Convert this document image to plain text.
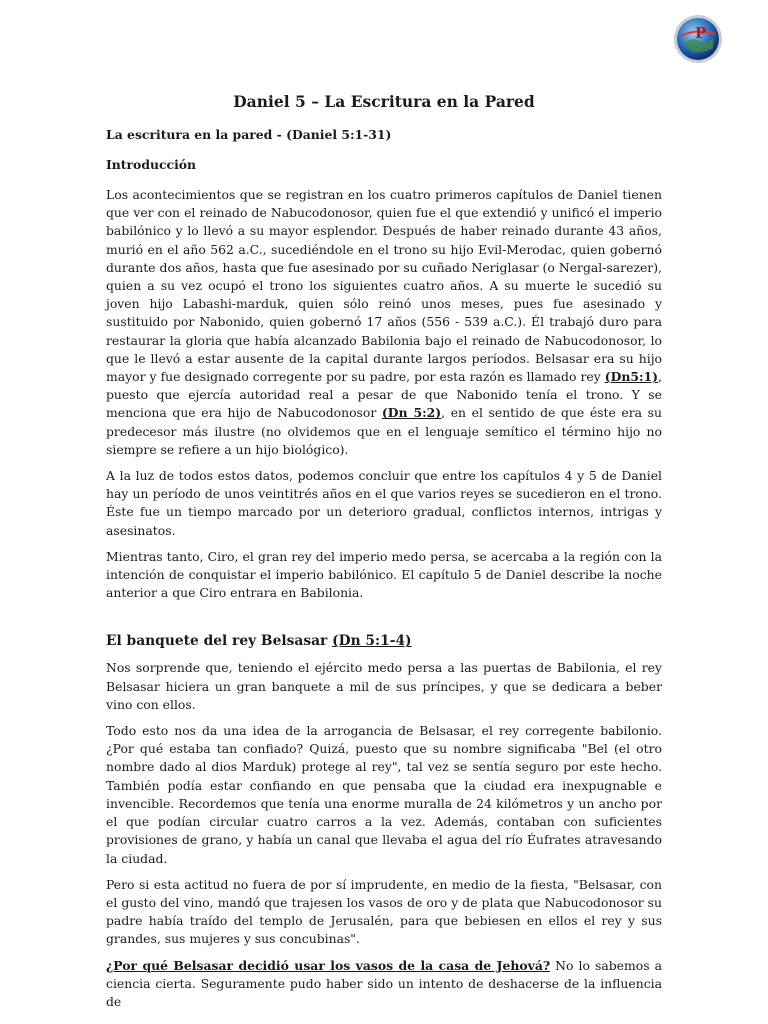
P
Daniel 5 – La Escritura en la Pared
La escritura en la pared - (Daniel 5:1-31)
Introducción

Los acontecimientos que se registran en los cuatro primeros capítulos de Daniel tienen que ver con el reinado de Nabucodonosor, quien fue el que extendió y unificó el imperio babilónico y lo llevó a su mayor esplendor. Después de haber reinado durante 43 años, murió en el año 562 a.C., sucediéndole en el trono su hijo Evil-Merodac, quien gobernó durante dos años, hasta que fue asesinado por su cuñado Neriglasar (o Nergal-sarezer), quien a su vez ocupó el trono los siguientes cuatro años. A su muerte le sucedió su joven hijo Labashi-marduk, quien sólo reinó unos meses, pues fue asesinado y sustituido por Nabonido, quien gobernó 17 años (556 - 539 a.C.). Él trabajó duro para restaurar la gloria que había alcanzado Babilonia bajo el reinado de Nabucodonosor, lo que le llevó a estar ausente de la capital durante largos períodos. Belsasar era su hijo mayor y fue designado corregente por su padre, por esta razón es llamado rey (Dn5:1), puesto que ejercía autoridad real a pesar de que Nabonido tenía el trono. Y se menciona que era hijo de Nabucodonosor (Dn 5:2), en el sentido de que éste era su predecesor más ilustre (no olvidemos que en el lenguaje semítico el término hijo no siempre se refiere a un hijo biológico).

A la luz de todos estos datos, podemos concluir que entre los capítulos 4 y 5 de Daniel hay un período de unos veintitrés años en el que varios reyes se sucedieron en el trono. Éste fue un tiempo marcado por un deterioro gradual, conflictos internos, intrigas y asesinatos.

Mientras tanto, Ciro, el gran rey del imperio medo persa, se acercaba a la región con la intención de conquistar el imperio babilónico. El capítulo 5 de Daniel describe la noche anterior a que Ciro entrara en Babilonia.

El banquete del rey Belsasar (Dn 5:1-4)

Nos sorprende que, teniendo el ejército medo persa a las puertas de Babilonia, el rey Belsasar hiciera un gran banquete a mil de sus príncipes, y que se dedicara a beber vino con ellos.

Todo esto nos da una idea de la arrogancia de Belsasar, el rey corregente babilonio. ¿Por qué estaba tan confiado? Quizá, puesto que su nombre significaba "Bel (el otro nombre dado al dios Marduk) protege al rey", tal vez se sentía seguro por este hecho. También podía estar confiando en que pensaba que la ciudad era inexpugnable e invencible. Recordemos que tenía una enorme muralla de 24 kilómetros y un ancho por el que podían circular cuatro carros a la vez. Además, contaban con suficientes provisiones de grano, y había un canal que llevaba el agua del río Éufrates atravesando la ciudad.

Pero si esta actitud no fuera de por sí imprudente, en medio de la fiesta, "Belsasar, con el gusto del vino, mandó que trajesen los vasos de oro y de plata que Nabucodonosor su padre había traído del templo de Jerusalén, para que bebiesen en ellos el rey y sus grandes, sus mujeres y sus concubinas".

¿Por qué Belsasar decidió usar los vasos de la casa de Jehová? No lo sabemos a ciencia cierta. Seguramente pudo haber sido un intento de deshacerse de la influencia de
